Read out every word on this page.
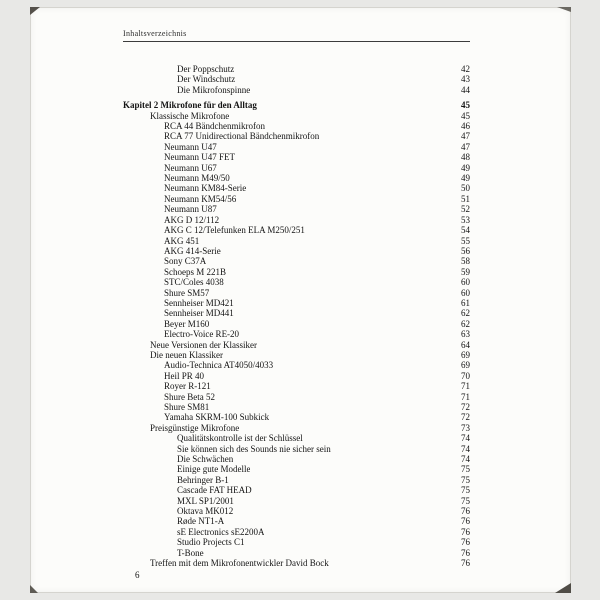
Inhaltsverzeichnis
Der Poppschutz	42
Der Windschutz	43
Die Mikrofonspinne	44
Kapitel 2 Mikrofone für den Alltag	45
Klassische Mikrofone	45
RCA 44 Bändchenmikrofon	46
RCA 77 Unidirectional Bändchenmikrofon	47
Neumann U47	47
Neumann U47 FET	48
Neumann U67	49
Neumann M49/50	49
Neumann KM84-Serie	50
Neumann KM54/56	51
Neumann U87	52
AKG D 12/112	53
AKG C 12/Telefunken ELA M250/251	54
AKG 451	55
AKG 414-Serie	56
Sony C37A	58
Schoeps M 221B	59
STC/Coles 4038	60
Shure SM57	60
Sennheiser MD421	61
Sennheiser MD441	62
Beyer M160	62
Electro-Voice RE-20	63
Neue Versionen der Klassiker	64
Die neuen Klassiker	69
Audio-Technica AT4050/4033	69
Heil PR 40	70
Royer R-121	71
Shure Beta 52	71
Shure SM81	72
Yamaha SKRM-100 Subkick	72
Preisgünstige Mikrofone	73
Qualitätskontrolle ist der Schlüssel	74
Sie können sich des Sounds nie sicher sein	74
Die Schwächen	74
Einige gute Modelle	75
Behringer B-1	75
Cascade FAT HEAD	75
MXL SP1/2001	75
Oktava MK012	76
Røde NT1-A	76
sE Electronics sE2200A	76
Studio Projects C1	76
T-Bone	76
Treffen mit dem Mikrofonentwickler David Bock	76
6
